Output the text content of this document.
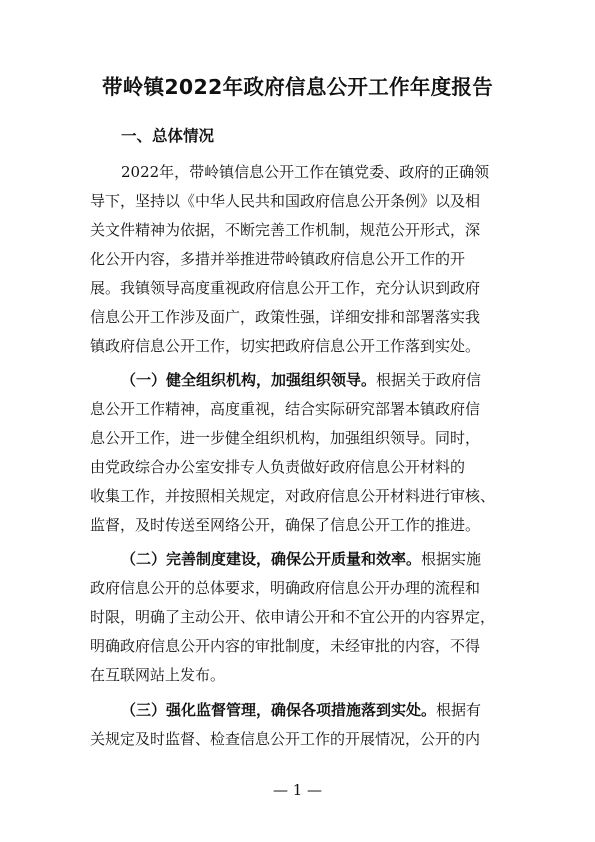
带岭镇2022年政府信息公开工作年度报告
一、总体情况
2022年，带岭镇信息公开工作在镇党委、政府的正确领
导下，坚持以《中华人民共和国政府信息公开条例》以及相
关文件精神为依据，不断完善工作机制，规范公开形式，深
化公开内容，多措并举推进带岭镇政府信息公开工作的开
展。我镇领导高度重视政府信息公开工作，充分认识到政府
信息公开工作涉及面广，政策性强，详细安排和部署落实我
镇政府信息公开工作，切实把政府信息公开工作落到实处。
（一）健全组织机构，加强组织领导。根据关于政府信
息公开工作精神，高度重视，结合实际研究部署本镇政府信
息公开工作，进一步健全组织机构，加强组织领导。同时，
由党政综合办公室安排专人负责做好政府信息公开材料的
收集工作，并按照相关规定，对政府信息公开材料进行审核、
监督，及时传送至网络公开，确保了信息公开工作的推进。
（二）完善制度建设，确保公开质量和效率。根据实施
政府信息公开的总体要求，明确政府信息公开办理的流程和
时限，明确了主动公开、依申请公开和不宜公开的内容界定，
明确政府信息公开内容的审批制度，未经审批的内容，不得
在互联网站上发布。
（三）强化监督管理，确保各项措施落到实处。根据有
关规定及时监督、检查信息公开工作的开展情况，公开的内
— 1 —
